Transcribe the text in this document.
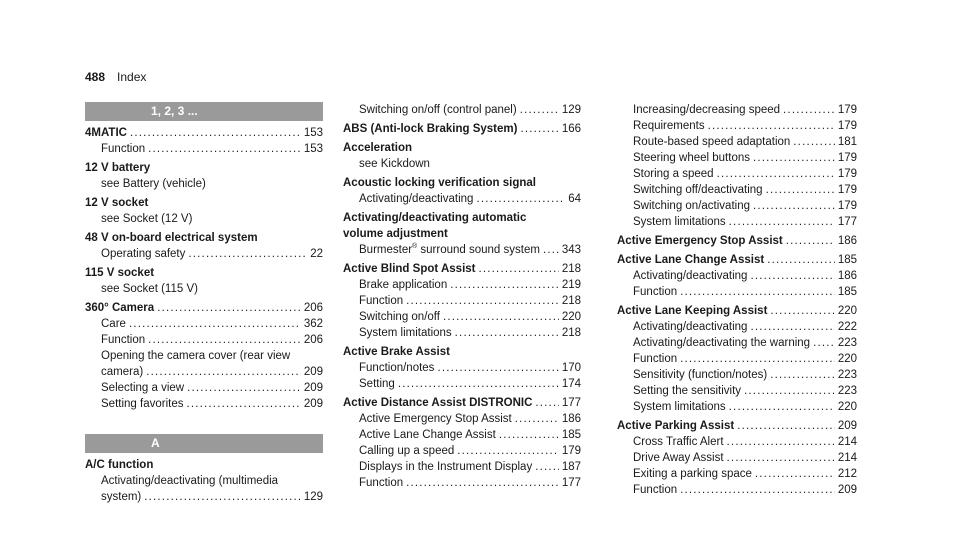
488 Index
1, 2, 3 ...
4MATIC . . .	153
Function . . .	153
12 V battery
see Battery (vehicle)
12 V socket
see Socket (12 V)
48 V on-board electrical system
Operating safety . . .	22
115 V socket
see Socket (115 V)
360° Camera . . .	206
Care . . .	362
Function . . .	206
Opening the camera cover (rear view
camera) . . .	209
Selecting a view . . .	209
Setting favorites . . .	209
A
A/C function
Activating/deactivating (multimedia
system) . . .	129
Switching on/off (control panel) . . .	129
ABS (Anti-lock Braking System) . . .	166
Acceleration
see Kickdown
Acoustic locking verification signal
Activating/deactivating . . .	64
Activating/deactivating automatic
volume adjustment
Burmester® surround sound system . . . 343
Active Blind Spot Assist . . .	218
Brake application . . .	219
Function . . .	218
Switching on/off . . .	220
System limitations . . .	218
Active Brake Assist
Function/notes . . .	170
Setting . . .	174
Active Distance Assist DISTRONIC . . .	177
Active Emergency Stop Assist . . .	186
Active Lane Change Assist . . .	185
Calling up a speed . . .	179
Displays in the Instrument Display . . .	187
Function . . .	177
Increasing/decreasing speed . . .	179
Requirements . . .	179
Route-based speed adaptation . . .	181
Steering wheel buttons . . .	179
Storing a speed . . .	179
Switching off/deactivating . . .	179
Switching on/activating . . .	179
System limitations . . .	177
Active Emergency Stop Assist . . .	186
Active Lane Change Assist . . .	185
Activating/deactivating . . .	186
Function . . .	185
Active Lane Keeping Assist . . .	220
Activating/deactivating . . .	222
Activating/deactivating the warning . . . 223
Function . . .	220
Sensitivity (function/notes) . . .	223
Setting the sensitivity . . .	223
System limitations . . .	220
Active Parking Assist . . .	209
Cross Traffic Alert . . .	214
Drive Away Assist . . .	214
Exiting a parking space . . .	212
Function . . .	209
